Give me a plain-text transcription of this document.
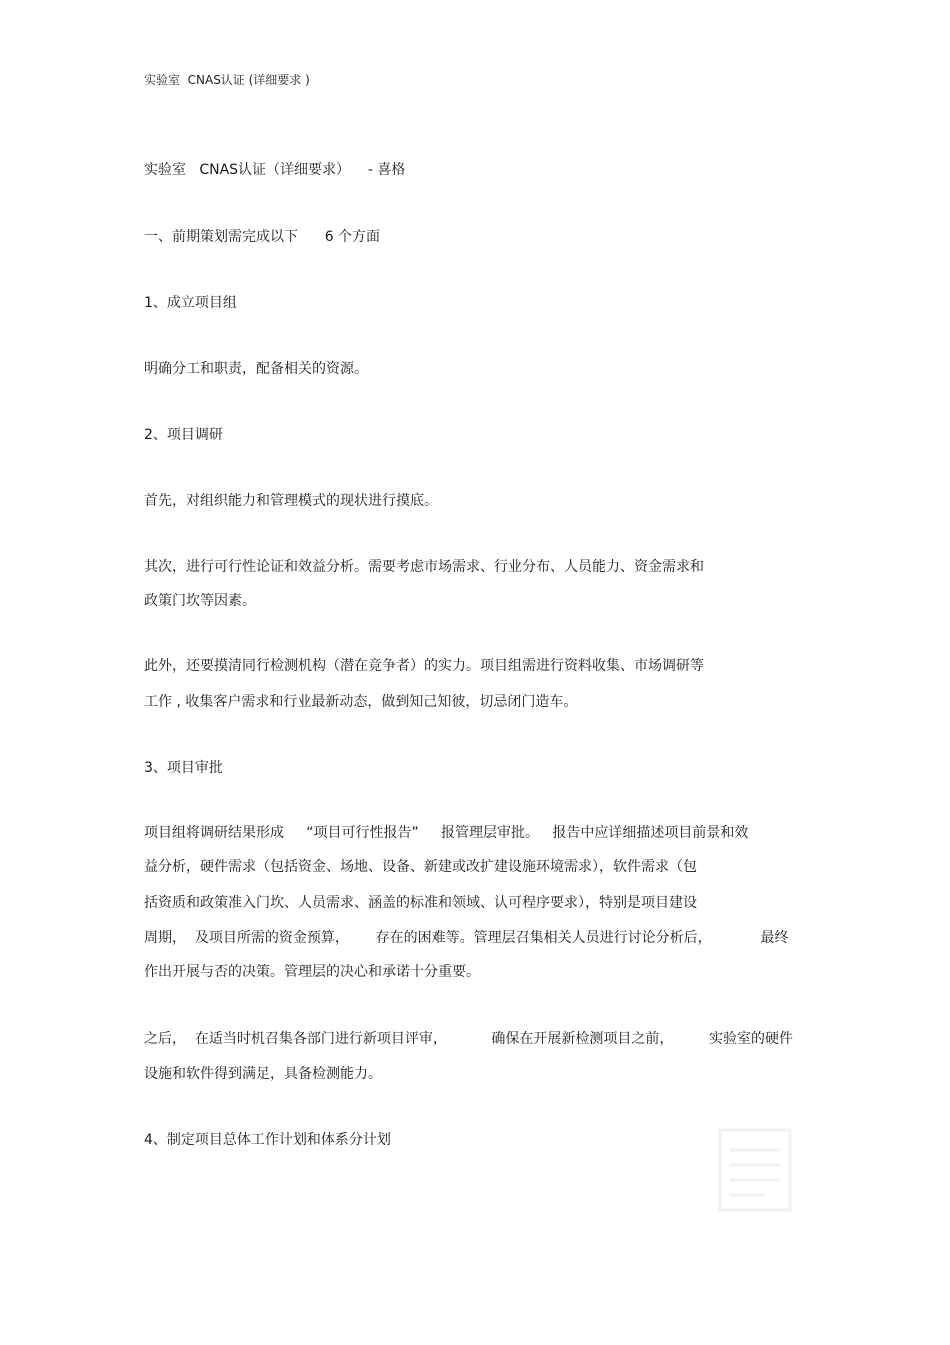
实验室  CNAS认证 (详细要求 )
实验室   CNAS认证（详细要求）    - 喜格
一、前期策划需完成以下      6 个方面
1、成立项目组
明确分工和职责，配备相关的资源。
2、项目调研
首先，对组织能力和管理模式的现状进行摸底。
其次，进行可行性论证和效益分析。需要考虑市场需求、行业分布、人员能力、资金需求和
政策门坎等因素。
此外，还要摸清同行检测机构（潜在竞争者）的实力。项目组需进行资料收集、市场调研等
工作 , 收集客户需求和行业最新动态，做到知己知彼，切忌闭门造车。
3、项目审批
项目组将调研结果形成     “项目可行性报告”     报管理层审批。   报告中应详细描述项目前景和效
益分析，硬件需求（包括资金、场地、设备、新建或改扩建设施环境需求），软件需求（包
括资质和政策准入门坎、人员需求、涵盖的标准和领域、认可程序要求），特别是项目建设
周期，  及项目所需的资金预算，      存在的困难等。管理层召集相关人员进行讨论分析后，           最终
作出开展与否的决策。管理层的决心和承诺十分重要。
之后，  在适当时机召集各部门进行新项目评审，          确保在开展新检测项目之前，        实验室的硬件
设施和软件得到满足，具备检测能力。
4、制定项目总体工作计划和体系分计划
